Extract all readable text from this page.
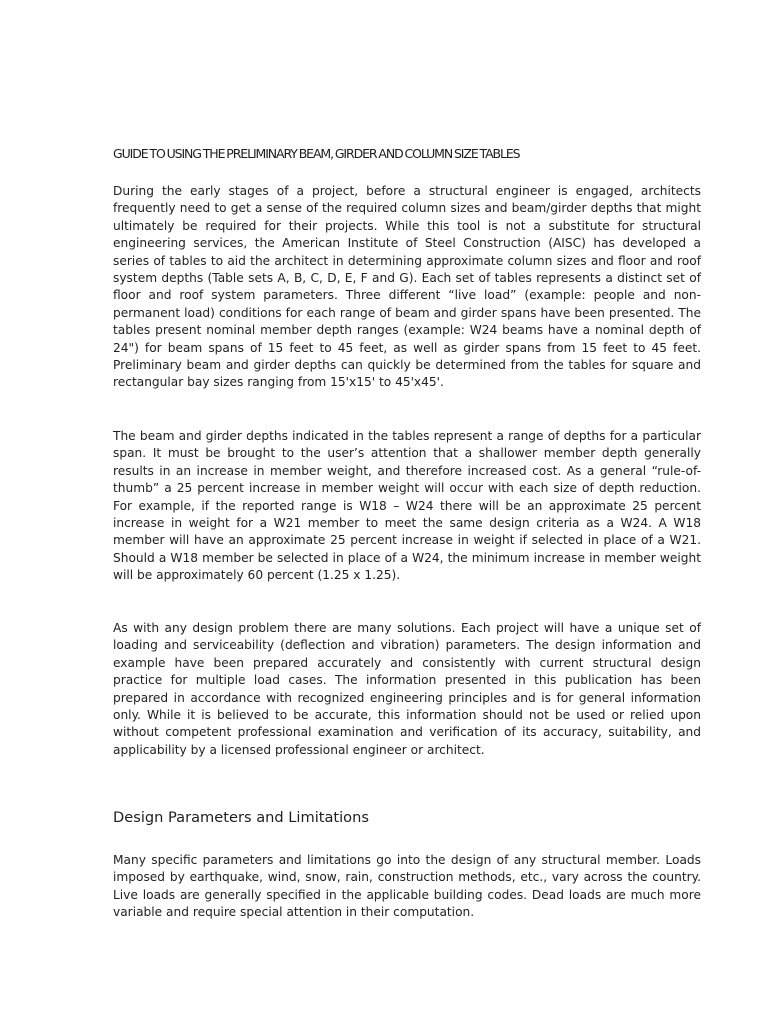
GUIDE TO USING THE PRELIMINARY BEAM, GIRDER AND COLUMN SIZE TABLES

During the early stages of a project, before a structural engineer is engaged, architects frequently need to get a sense of the required column sizes and beam/girder depths that might ultimately be required for their projects. While this tool is not a substitute for structural engineering services, the American Institute of Steel Construction (AISC) has developed a series of tables to aid the architect in determining approximate column sizes and floor and roof system depths (Table sets A, B, C, D, E, F and G). Each set of tables represents a distinct set of floor and roof system parameters. Three different “live load” (example: people and non-permanent load) conditions for each range of beam and girder spans have been presented. The tables present nominal member depth ranges (example: W24 beams have a nominal depth of 24") for beam spans of 15 feet to 45 feet, as well as girder spans from 15 feet to 45 feet. Preliminary beam and girder depths can quickly be determined from the tables for square and rectangular bay sizes ranging from 15'x15' to 45'x45'.

The beam and girder depths indicated in the tables represent a range of depths for a particular span. It must be brought to the user’s attention that a shallower member depth generally results in an increase in member weight, and therefore increased cost. As a general “rule-of-thumb” a 25 percent increase in member weight will occur with each size of depth reduction. For example, if the reported range is W18 – W24 there will be an approximate 25 percent increase in weight for a W21 member to meet the same design criteria as a W24. A W18 member will have an approximate 25 percent increase in weight if selected in place of a W21. Should a W18 member be selected in place of a W24, the minimum increase in member weight will be approximately 60 percent (1.25 x 1.25).

As with any design problem there are many solutions. Each project will have a unique set of loading and serviceability (deflection and vibration) parameters. The design information and example have been prepared accurately and consistently with current structural design practice for multiple load cases. The information presented in this publication has been prepared in accordance with recognized engineering principles and is for general information only. While it is believed to be accurate, this information should not be used or relied upon without competent professional examination and verification of its accuracy, suitability, and applicability by a licensed professional engineer or architect.

Design Parameters and Limitations

Many specific parameters and limitations go into the design of any structural member. Loads imposed by earthquake, wind, snow, rain, construction methods, etc., vary across the country. Live loads are generally specified in the applicable building codes. Dead loads are much more variable and require special attention in their computation.
